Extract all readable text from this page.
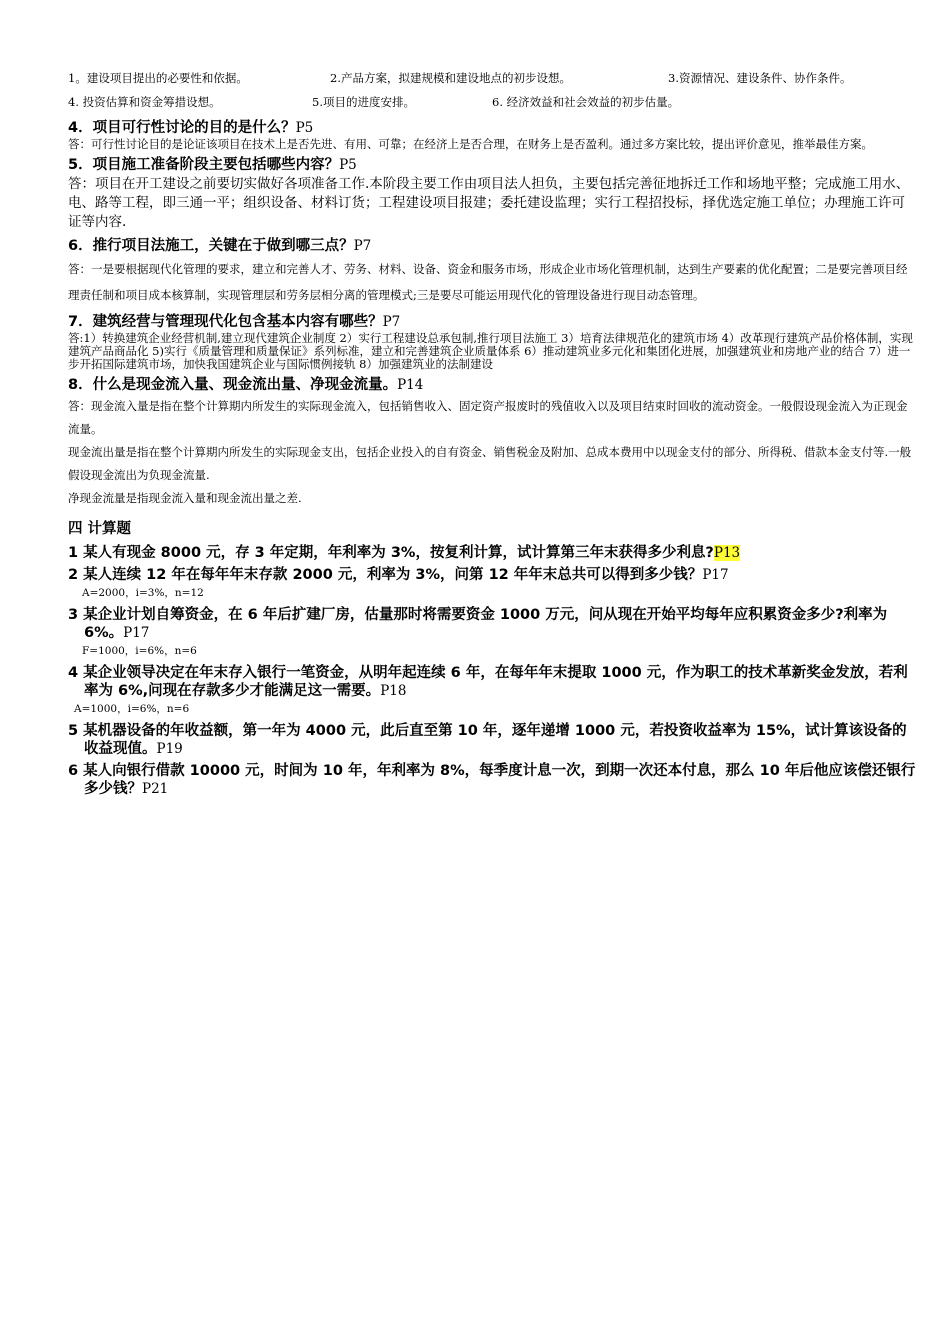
1。建设项目提出的必要性和依据。	2.产品方案，拟建规模和建设地点的初步设想。	3.资源情况、建设条件、协作条件。
4. 投资估算和资金筹措设想。	5.项目的进度安排。	6. 经济效益和社会效益的初步估量。
4．项目可行性讨论的目的是什么？P5
答：可行性讨论目的是论证该项目在技术上是否先进、有用、可靠；在经济上是否合理，在财务上是否盈利。通过多方案比较，提出评价意见，推举最佳方案。
5．项目施工准备阶段主要包括哪些内容？P5
答：项目在开工建设之前要切实做好各项准备工作.本阶段主要工作由项目法人担负，主要包括完善征地拆迁工作和场地平整；完成施工用水、电、路等工程，即三通一平；组织设备、材料订货；工程建设项目报建；委托建设监理；实行工程招投标，择优选定施工单位；办理施工许可证等内容.
6．推行项目法施工，关键在于做到哪三点？P7
答：一是要根据现代化管理的要求，建立和完善人才、劳务、材料、设备、资金和服务市场，形成企业市场化管理机制，达到生产要素的优化配置；二是要完善项目经理责任制和项目成本核算制，实现管理层和劳务层相分离的管理模式;三是要尽可能运用现代化的管理设备进行现目动态管理。
7．建筑经营与管理现代化包含基本内容有哪些？P7
答:1）转换建筑企业经营机制,建立现代建筑企业制度 2）实行工程建设总承包制,推行项目法施工 3）培育法律规范化的建筑市场 4）改革现行建筑产品价格体制，实现建筑产品商品化 5)实行《质量管理和质量保证》系列标准，建立和完善建筑企业质量体系 6）推动建筑业多元化和集团化进展，加强建筑业和房地产业的结合 7）进一步开拓国际建筑市场，加快我国建筑企业与国际惯例接轨 8）加强建筑业的法制建设
8．什么是现金流入量、现金流出量、净现金流量。P14
答：现金流入量是指在整个计算期内所发生的实际现金流入，包括销售收入、固定资产报废时的残值收入以及项目结束时回收的流动资金。一般假设现金流入为正现金流量。
现金流出量是指在整个计算期内所发生的实际现金支出，包括企业投入的自有资金、销售税金及附加、总成本费用中以现金支付的部分、所得税、借款本金支付等.一般假设现金流出为负现金流量.
净现金流量是指现金流入量和现金流出量之差.
四 计算题
1 某人有现金 8000 元，存 3 年定期，年利率为 3%，按复利计算，试计算第三年末获得多少利息?P13
2 某人连续 12 年在每年年末存款 2000 元，利率为 3%，问第 12 年年末总共可以得到多少钱？P17
A=2000，i=3%，n=12
3 某企业计划自筹资金，在 6 年后扩建厂房，估量那时将需要资金 1000 万元，问从现在开始平均每年应积累资金多少?利率为 6%。P17
F=1000，i=6%，n=6
4 某企业领导决定在年末存入银行一笔资金，从明年起连续 6 年，在每年年末提取 1000 元，作为职工的技术革新奖金发放，若利率为 6%,问现在存款多少才能满足这一需要。P18
A=1000，i=6%，n=6
5 某机器设备的年收益额，第一年为 4000 元，此后直至第 10 年，逐年递增 1000 元，若投资收益率为 15%，试计算该设备的收益现值。P19
6 某人向银行借款 10000 元，时间为 10 年，年利率为 8%，每季度计息一次，到期一次还本付息，那么 10 年后他应该偿还银行多少钱？P21
